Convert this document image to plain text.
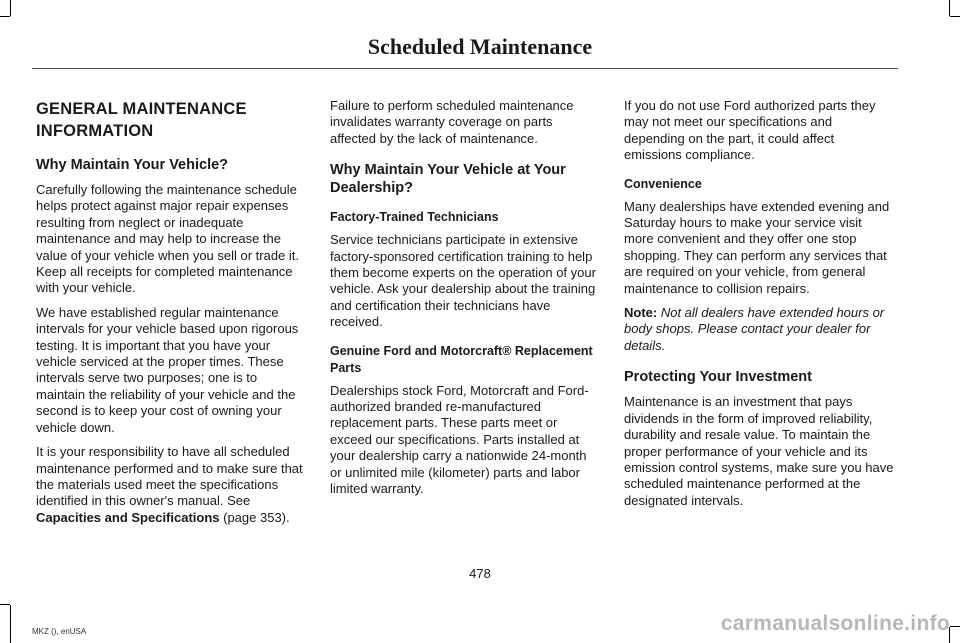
Scheduled Maintenance
GENERAL MAINTENANCE
INFORMATION
Why Maintain Your Vehicle?

Carefully following the maintenance schedule helps protect against major repair expenses resulting from neglect or inadequate maintenance and may help to increase the value of your vehicle when you sell or trade it. Keep all receipts for completed maintenance with your vehicle.

We have established regular maintenance intervals for your vehicle based upon rigorous testing. It is important that you have your vehicle serviced at the proper times. These intervals serve two purposes; one is to maintain the reliability of your vehicle and the second is to keep your cost of owning your vehicle down.

It is your responsibility to have all scheduled maintenance performed and to make sure that the materials used meet the specifications identified in this owner's manual. See Capacities and Specifications (page 353).

Failure to perform scheduled maintenance invalidates warranty coverage on parts affected by the lack of maintenance.

Why Maintain Your Vehicle at Your Dealership?
Factory-Trained Technicians

Service technicians participate in extensive factory-sponsored certification training to help them become experts on the operation of your vehicle. Ask your dealership about the training and certification their technicians have received.

Genuine Ford and Motorcraft® Replacement Parts

Dealerships stock Ford, Motorcraft and Ford-authorized branded re-manufactured replacement parts. These parts meet or exceed our specifications. Parts installed at your dealership carry a nationwide 24-month or unlimited mile (kilometer) parts and labor limited warranty.

If you do not use Ford authorized parts they may not meet our specifications and depending on the part, it could affect emissions compliance.

Convenience

Many dealerships have extended evening and Saturday hours to make your service visit more convenient and they offer one stop shopping. They can perform any services that are required on your vehicle, from general maintenance to collision repairs.

Note: Not all dealers have extended hours or body shops. Please contact your dealer for details.

Protecting Your Investment

Maintenance is an investment that pays dividends in the form of improved reliability, durability and resale value. To maintain the proper performance of your vehicle and its emission control systems, make sure you have scheduled maintenance performed at the designated intervals.

478
MKZ (), enUSA	carmanualsonline.info
